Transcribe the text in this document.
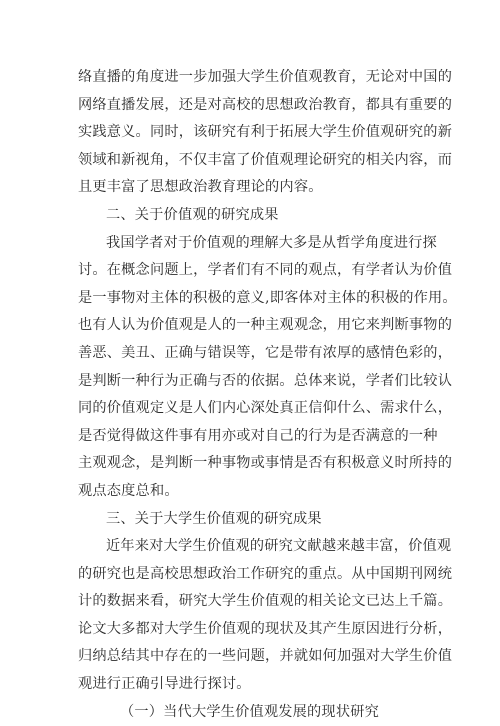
络直播的角度进一步加强大学生价值观教育，无论对中国的
网络直播发展，还是对高校的思想政治教育，都具有重要的
实践意义。同时，该研究有利于拓展大学生价值观研究的新
领域和新视角，不仅丰富了价值观理论研究的相关内容，而
且更丰富了思想政治教育理论的内容。
二、关于价值观的研究成果
我国学者对于价值观的理解大多是从哲学角度进行探
讨。在概念问题上，学者们有不同的观点，有学者认为价值
是一事物对主体的积极的意义,即客体对主体的积极的作用。
也有人认为价值观是人的一种主观观念，用它来判断事物的
善恶、美丑、正确与错误等，它是带有浓厚的感情色彩的，
是判断一种行为正确与否的依据。总体来说，学者们比较认
同的价值观定义是人们内心深处真正信仰什么、需求什么，
是否觉得做这件事有用亦或对自己的行为是否满意的一种
主观观念，是判断一种事物或事情是否有积极意义时所持的
观点态度总和。
三、关于大学生价值观的研究成果
近年来对大学生价值观的研究文献越来越丰富，价值观
的研究也是高校思想政治工作研究的重点。从中国期刊网统
计的数据来看，研究大学生价值观的相关论文已达上千篇。
论文大多都对大学生价值观的现状及其产生原因进行分析，
归纳总结其中存在的一些问题，并就如何加强对大学生价值
观进行正确引导进行探讨。
（一）当代大学生价值观发展的现状研究
